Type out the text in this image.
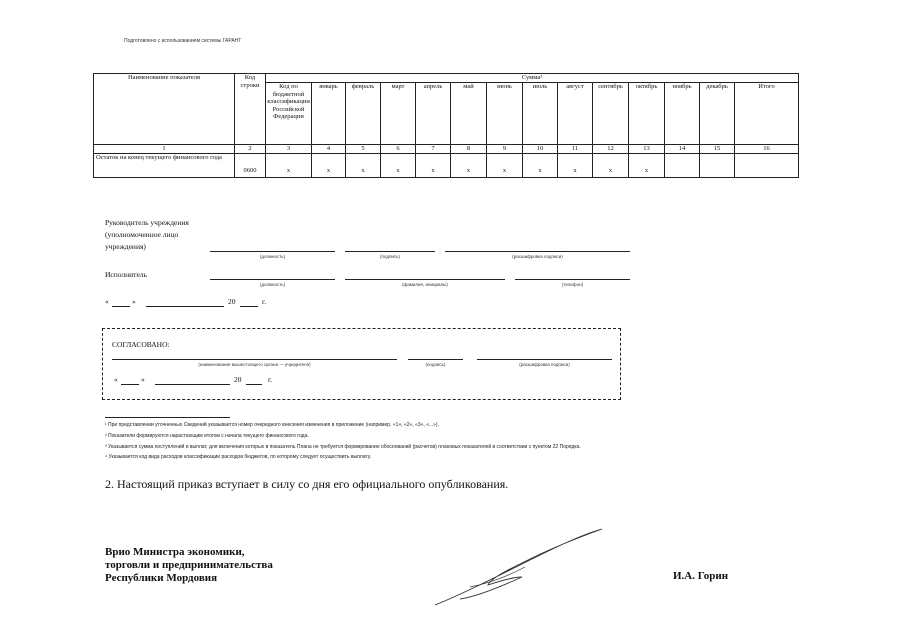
Подготовлено с использованием системы ГАРАНТ
Наименование показателя	Код строки	Сумма²													
		Код по бюджетной классификации Российской Федерации	январь	февраль	март	апрель	май	июнь	июль	август	сентябрь	октябрь	ноябрь	декабрь	Итого
1	2	3	4	5	6	7	8	9	10	11	12	13	14	15	16
Остаток на конец текущего финансового года	0600	х	х	х	х	х	х	х	х	х	х	х			
Руководитель учреждения (уполномоченное лицо учреждения)
(должность)	(подпись)	(расшифровка подписи)
Исполнитель
(должность)	(фамилия, инициалы)	(телефон)
«	»	20	г.
СОГЛАСОВАНО:
(наименование вышестоящего органа — учредителя)	(подпись)	(расшифровка подписи)
«	»	20	г.
¹ При представлении уточненных Сведений указывается номер очередного внесения изменения в приложение (например, «1», «2», «3», «...»).
² Показатели формируются нарастающим итогом с начала текущего финансового года.
³ Указывается сумма поступлений и выплат, для включения которых в показатель Плана не требуется формирование обоснований (расчетов) плановых показателей в соответствии с пунктом 22 Порядка.
⁴ Указывается код вида расходов классификации расходов бюджетов, по которому следует осуществить выплату.
2. Настоящий приказ вступает в силу со дня его официального опубликования.
Врио Министра экономики,
торговли и предпринимательства
Республики Мордовия	И.А. Горин
